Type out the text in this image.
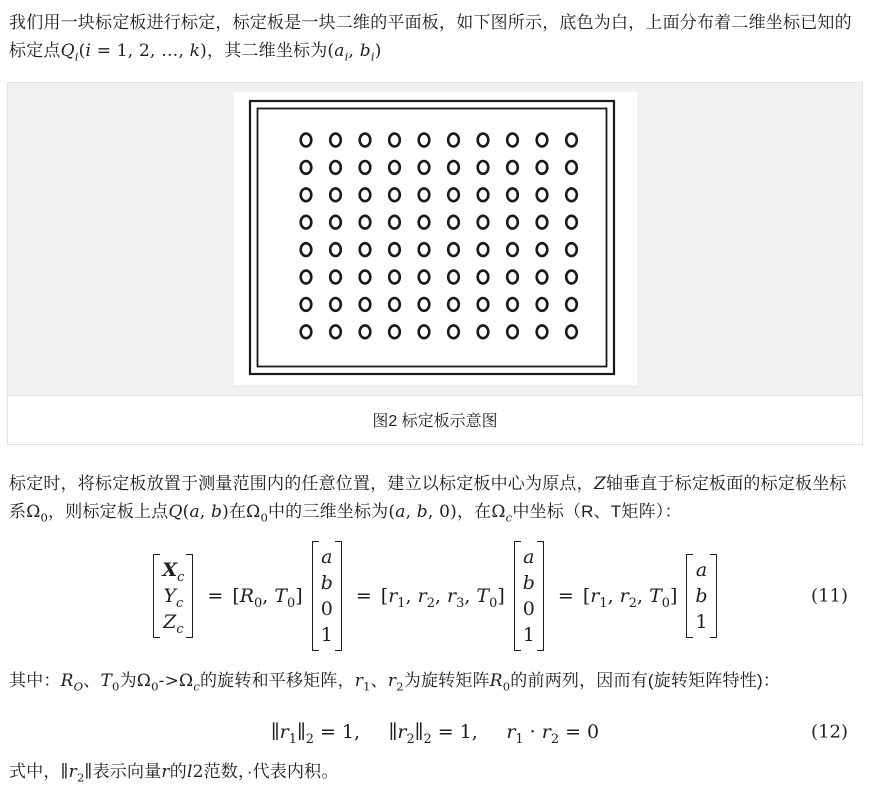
我们用一块标定板进行标定，标定板是一块二维的平面板，如下图所示，底色为白，上面分布着二维坐标已知的标定点$Q_i(i = 1$, 2, …, k)，其二维坐标为($a_i$, $b_i$)

图2 标定板示意图

标定时，将标定板放置于测量范围内的任意位置，建立以标定板中心为原点，Z轴垂直于标定板面的标定板坐标系$\Omega_0$，则标定板上点Q(a, b)在$\Omega_0$中的三维坐标为(a, b, 0)，在$\Omega_c$中坐标（R、T矩阵）：

$X_c$
$Y_c$
$Z_c$
= [$R_0$, $T_0$]
a
b
0
1
= [$r_1$, $r_2$, $r_3$, $T_0$]
a
b
0
1
= [$r_1$, $r_2$, $T_0$]
a
b
1
(11)

其中：$R_O$、$T_0$为$\Omega_0->\Omega_c$的旋转和平移矩阵，$r_1$、$r_2$为旋转矩阵$R_0$的前两列，因而有(旋转矩阵特性)：

$\parallel r_1\parallel_2 = 1$,   $\parallel r_2\parallel_2 = 1$,   $r_1 \cdot r_2 = 0$	(12)

式中，$\parallel r_2\parallel$表示向量r的l2范数，·代表内积。
